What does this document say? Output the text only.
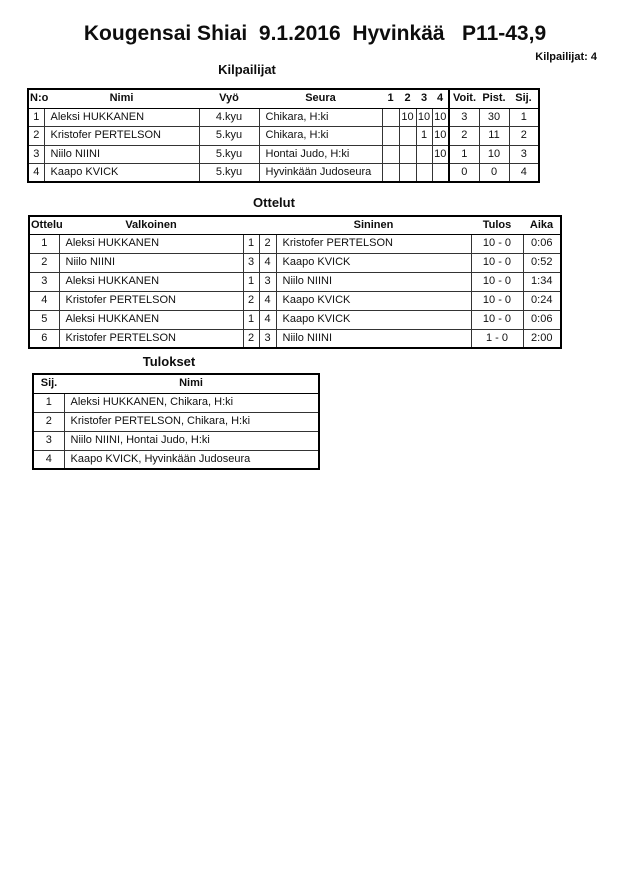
Kougensai Shiai  9.1.2016  Hyvinkää   P11-43,9
Kilpailijat: 4
Kilpailijat
N:o	Nimi	Vyö	Seura	1	2	3	4	Voit.	Pist.	Sij.
1	Aleksi HUKKANEN	4.kyu	Chikara, H:ki		10	10	10	3	30	1
2	Kristofer PERTELSON	5.kyu	Chikara, H:ki			1	10	2	11	2
3	Niilo NIINI	5.kyu	Hontai Judo, H:ki				10	1	10	3
4	Kaapo KVICK	5.kyu	Hyvinkään Judoseura					0	0	4
Ottelut
Ottelu	Valkoinen			Sininen	Tulos	Aika
1	Aleksi HUKKANEN	1	2	Kristofer PERTELSON	10 - 0	0:06
2	Niilo NIINI	3	4	Kaapo KVICK	10 - 0	0:52
3	Aleksi HUKKANEN	1	3	Niilo NIINI	10 - 0	1:34
4	Kristofer PERTELSON	2	4	Kaapo KVICK	10 - 0	0:24
5	Aleksi HUKKANEN	1	4	Kaapo KVICK	10 - 0	0:06
6	Kristofer PERTELSON	2	3	Niilo NIINI	1 - 0	2:00
Tulokset
Sij.	Nimi
1	Aleksi HUKKANEN, Chikara, H:ki
2	Kristofer PERTELSON, Chikara, H:ki
3	Niilo NIINI, Hontai Judo, H:ki
4	Kaapo KVICK, Hyvinkään Judoseura
